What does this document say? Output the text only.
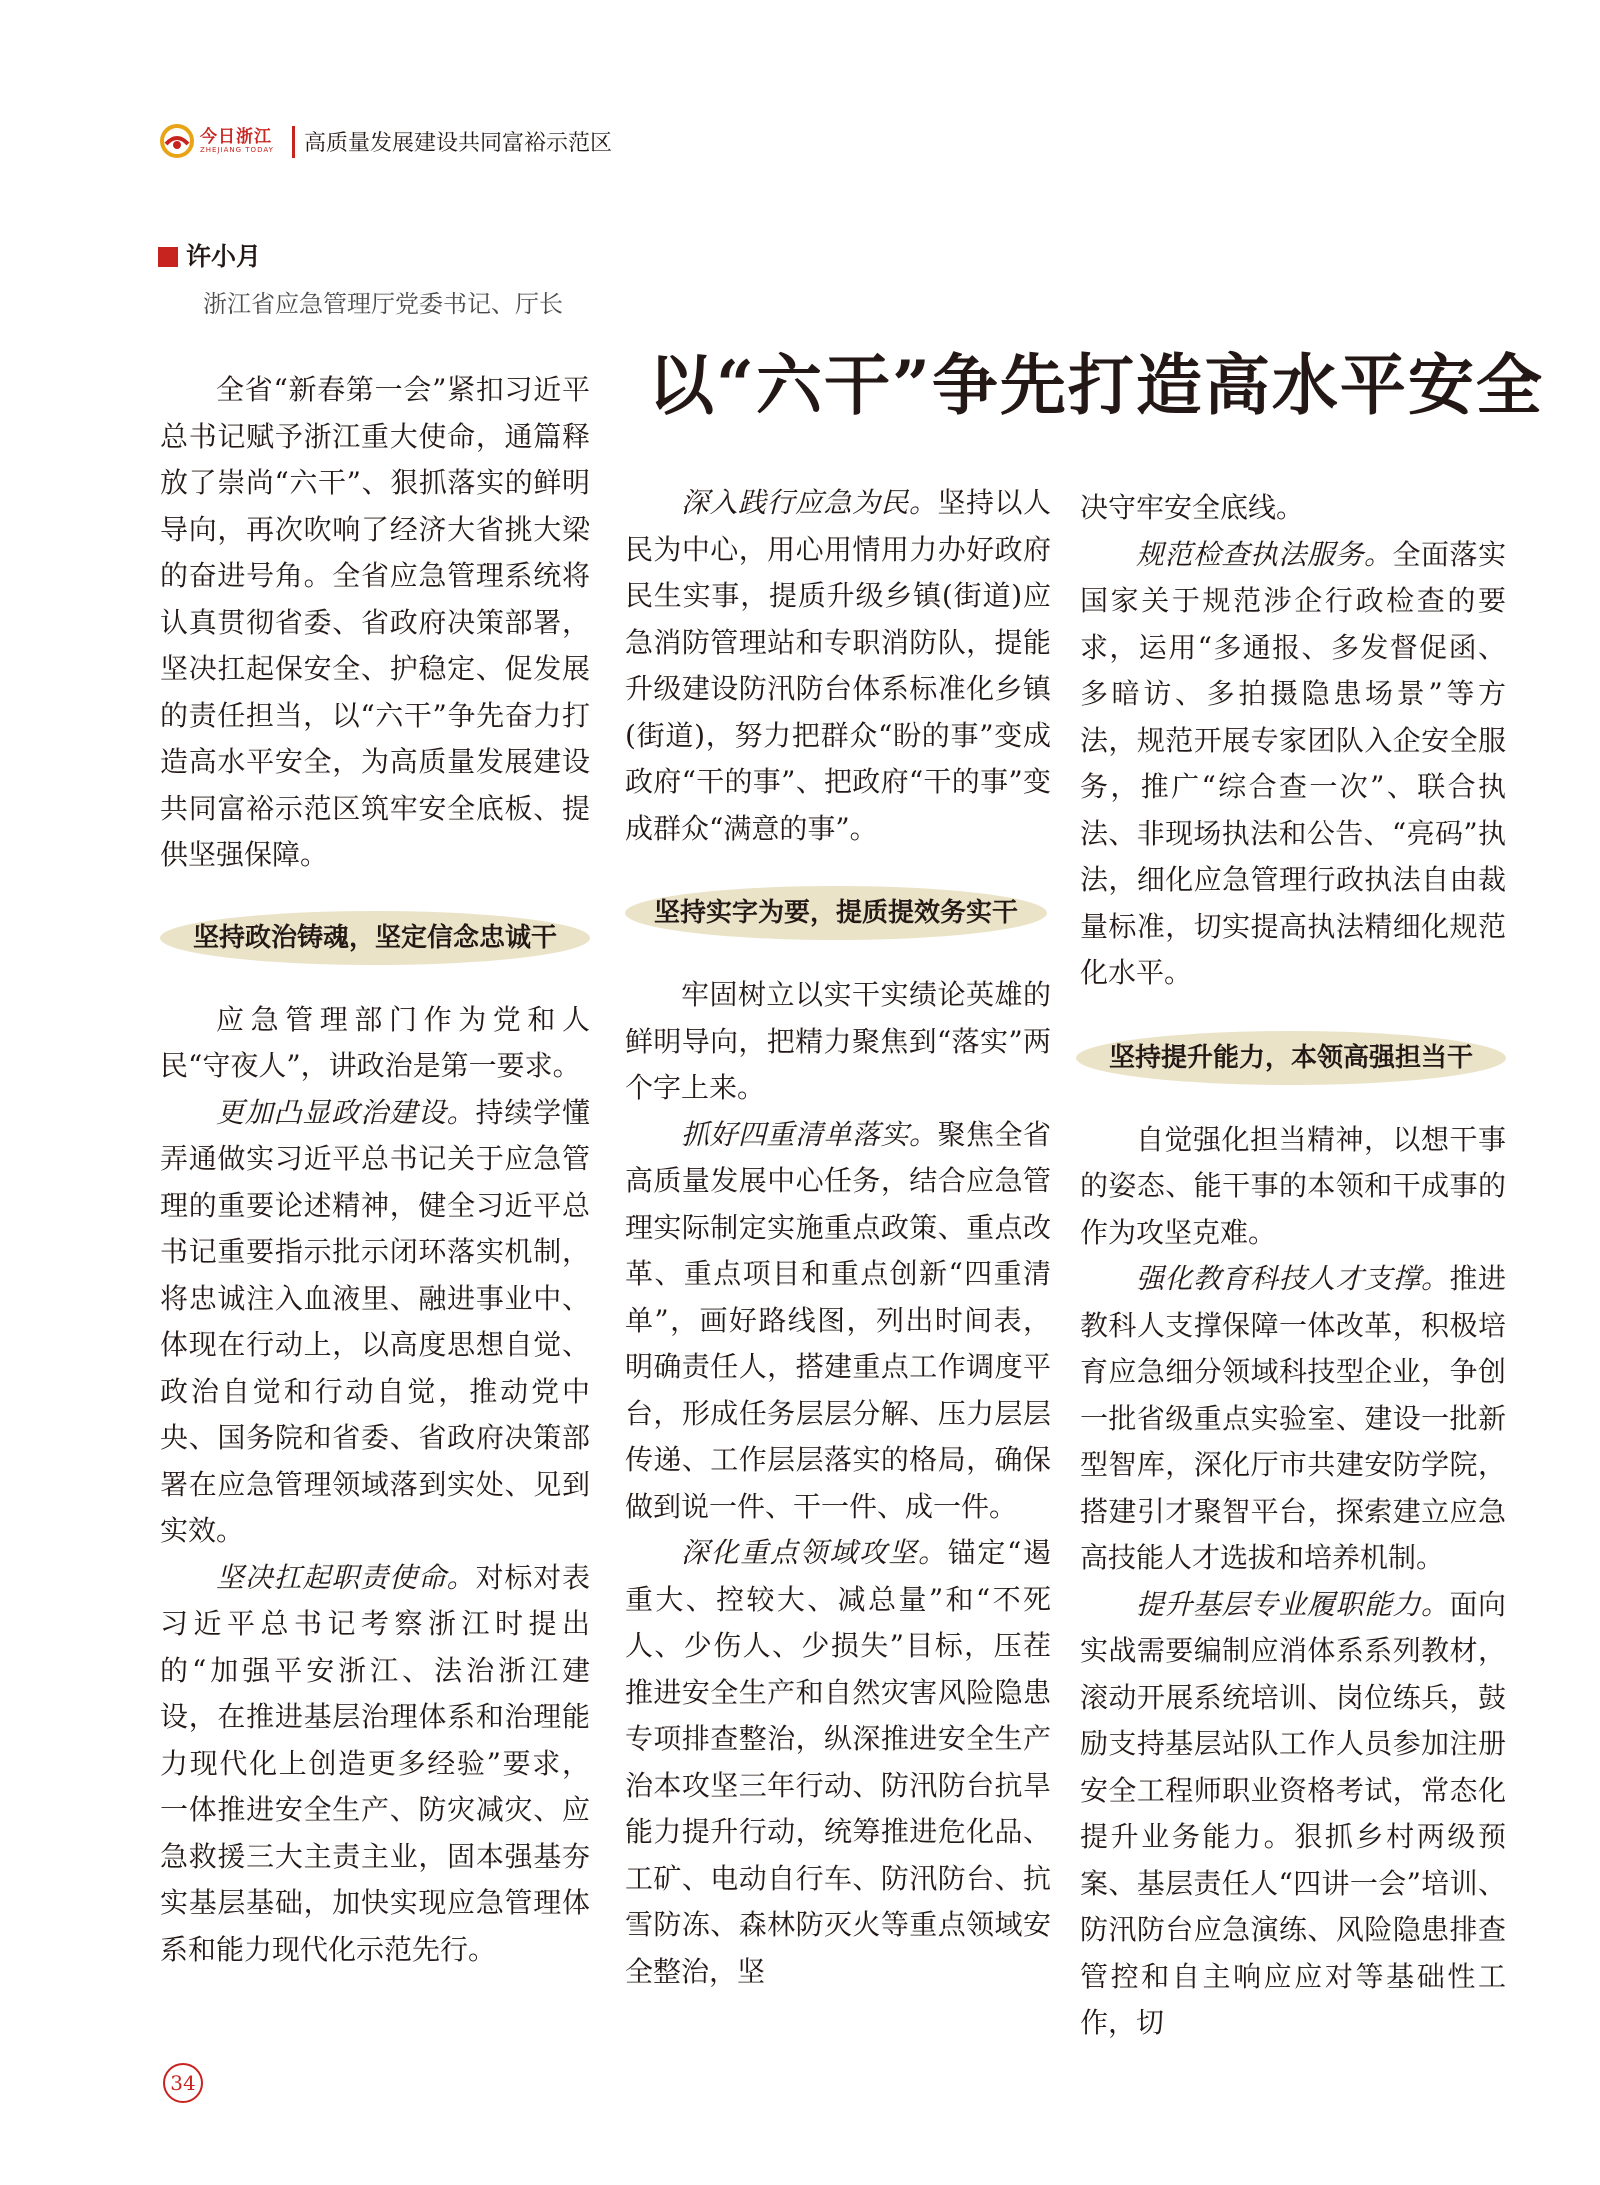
今日浙江
ZHEJIANG TODAY 高质量发展建设共同富裕示范区
许小月
浙江省应急管理厅党委书记、厅长
以“六干”争先打造高水平安全

全省“新春第一会”紧扣习近平总书记赋予浙江重大使命，通篇释放了崇尚“六干”、狠抓落实的鲜明导向，再次吹响了经济大省挑大梁的奋进号角。全省应急管理系统将认真贯彻省委、省政府决策部署，坚决扛起保安全、护稳定、促发展的责任担当，以“六干”争先奋力打造高水平安全，为高质量发展建设共同富裕示范区筑牢安全底板、提供坚强保障。

坚持政治铸魂，坚定信念忠诚干

应急管理部门作为党和人民“守夜人”，讲政治是第一要求。

更加凸显政治建设。持续学懂弄通做实习近平总书记关于应急管理的重要论述精神，健全习近平总书记重要指示批示闭环落实机制，将忠诚注入血液里、融进事业中、体现在行动上，以高度思想自觉、政治自觉和行动自觉，推动党中央、国务院和省委、省政府决策部署在应急管理领域落到实处、见到实效。

坚决扛起职责使命。对标对表习近平总书记考察浙江时提出的“加强平安浙江、法治浙江建设，在推进基层治理体系和治理能力现代化上创造更多经验”要求，一体推进安全生产、防灾减灾、应急救援三大主责主业，固本强基夯实基层基础，加快实现应急管理体系和能力现代化示范先行。

深入践行应急为民。坚持以人民为中心，用心用情用力办好政府民生实事，提质升级乡镇(街道)应急消防管理站和专职消防队，提能升级建设防汛防台体系标准化乡镇(街道)，努力把群众“盼的事”变成政府“干的事”、把政府“干的事”变成群众“满意的事”。

坚持实字为要，提质提效务实干

牢固树立以实干实绩论英雄的鲜明导向，把精力聚焦到“落实”两个字上来。

抓好四重清单落实。聚焦全省高质量发展中心任务，结合应急管理实际制定实施重点政策、重点改革、重点项目和重点创新“四重清单”，画好路线图，列出时间表，明确责任人，搭建重点工作调度平台，形成任务层层分解、压力层层传递、工作层层落实的格局，确保做到说一件、干一件、成一件。

深化重点领域攻坚。锚定“遏重大、控较大、减总量”和“不死人、少伤人、少损失”目标，压茬推进安全生产和自然灾害风险隐患专项排查整治，纵深推进安全生产治本攻坚三年行动、防汛防台抗旱能力提升行动，统筹推进危化品、工矿、电动自行车、防汛防台、抗雪防冻、森林防灭火等重点领域安全整治，坚

决守牢安全底线。

规范检查执法服务。全面落实国家关于规范涉企行政检查的要求，运用“多通报、多发督促函、多暗访、多拍摄隐患场景”等方法，规范开展专家团队入企安全服务，推广“综合查一次”、联合执法、非现场执法和公告、“亮码”执法，细化应急管理行政执法自由裁量标准，切实提高执法精细化规范化水平。

坚持提升能力，本领高强担当干

自觉强化担当精神，以想干事的姿态、能干事的本领和干成事的作为攻坚克难。

强化教育科技人才支撑。推进教科人支撑保障一体改革，积极培育应急细分领域科技型企业，争创一批省级重点实验室、建设一批新型智库，深化厅市共建安防学院，搭建引才聚智平台，探索建立应急高技能人才选拔和培养机制。

提升基层专业履职能力。面向实战需要编制应消体系系列教材，滚动开展系统培训、岗位练兵，鼓励支持基层站队工作人员参加注册安全工程师职业资格考试，常态化提升业务能力。狠抓乡村两级预案、基层责任人“四讲一会”培训、防汛防台应急演练、风险隐患排查管控和自主响应应对等基础性工作，切

34
